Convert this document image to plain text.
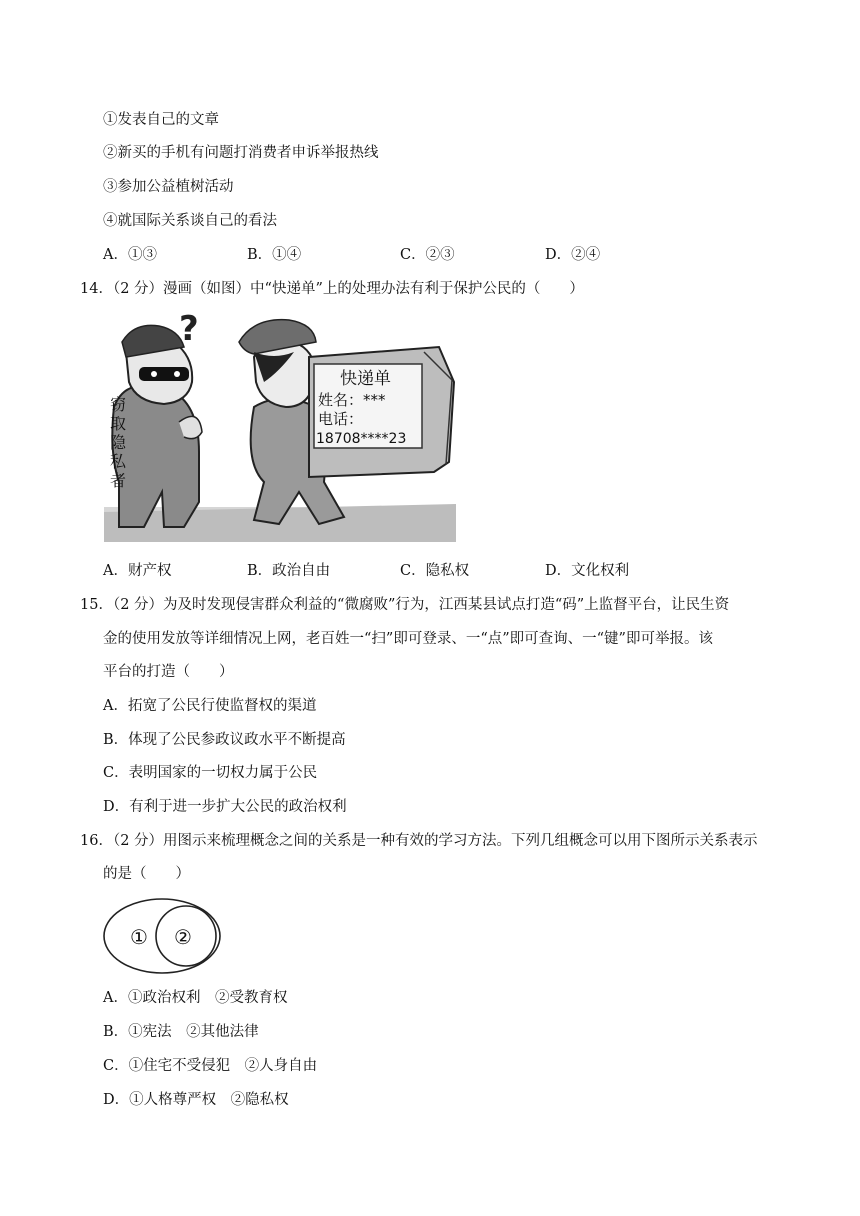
①发表自己的文章
②新买的手机有问题打消费者申诉举报热线
③参加公益植树活动
④就国际关系谈自己的看法
A．①③	B．①④	C．②③	D．②④
14．（2 分）漫画（如图）中“快递单”上的处理办法有利于保护公民的（　　）
窃
取
隐
私
者
?
快递单
姓名：***
电话：
18708****23
A．财产权	B．政治自由	C．隐私权	D．文化权利
15．（2 分）为及时发现侵害群众利益的“微腐败”行为，江西某县试点打造“码”上监督平台，让民生资
金的使用发放等详细情况上网，老百姓一“扫”即可登录、一“点”即可查询、一“键”即可举报。该
平台的打造（　　）
A．拓宽了公民行使监督权的渠道
B．体现了公民参政议政水平不断提高
C．表明国家的一切权力属于公民
D．有利于进一步扩大公民的政治权利
16．（2 分）用图示来梳理概念之间的关系是一种有效的学习方法。下列几组概念可以用下图所示关系表示
的是（　　）
① ②
A．①政治权利　②受教育权
B．①宪法　②其他法律
C．①住宅不受侵犯　②人身自由
D．①人格尊严权　②隐私权
